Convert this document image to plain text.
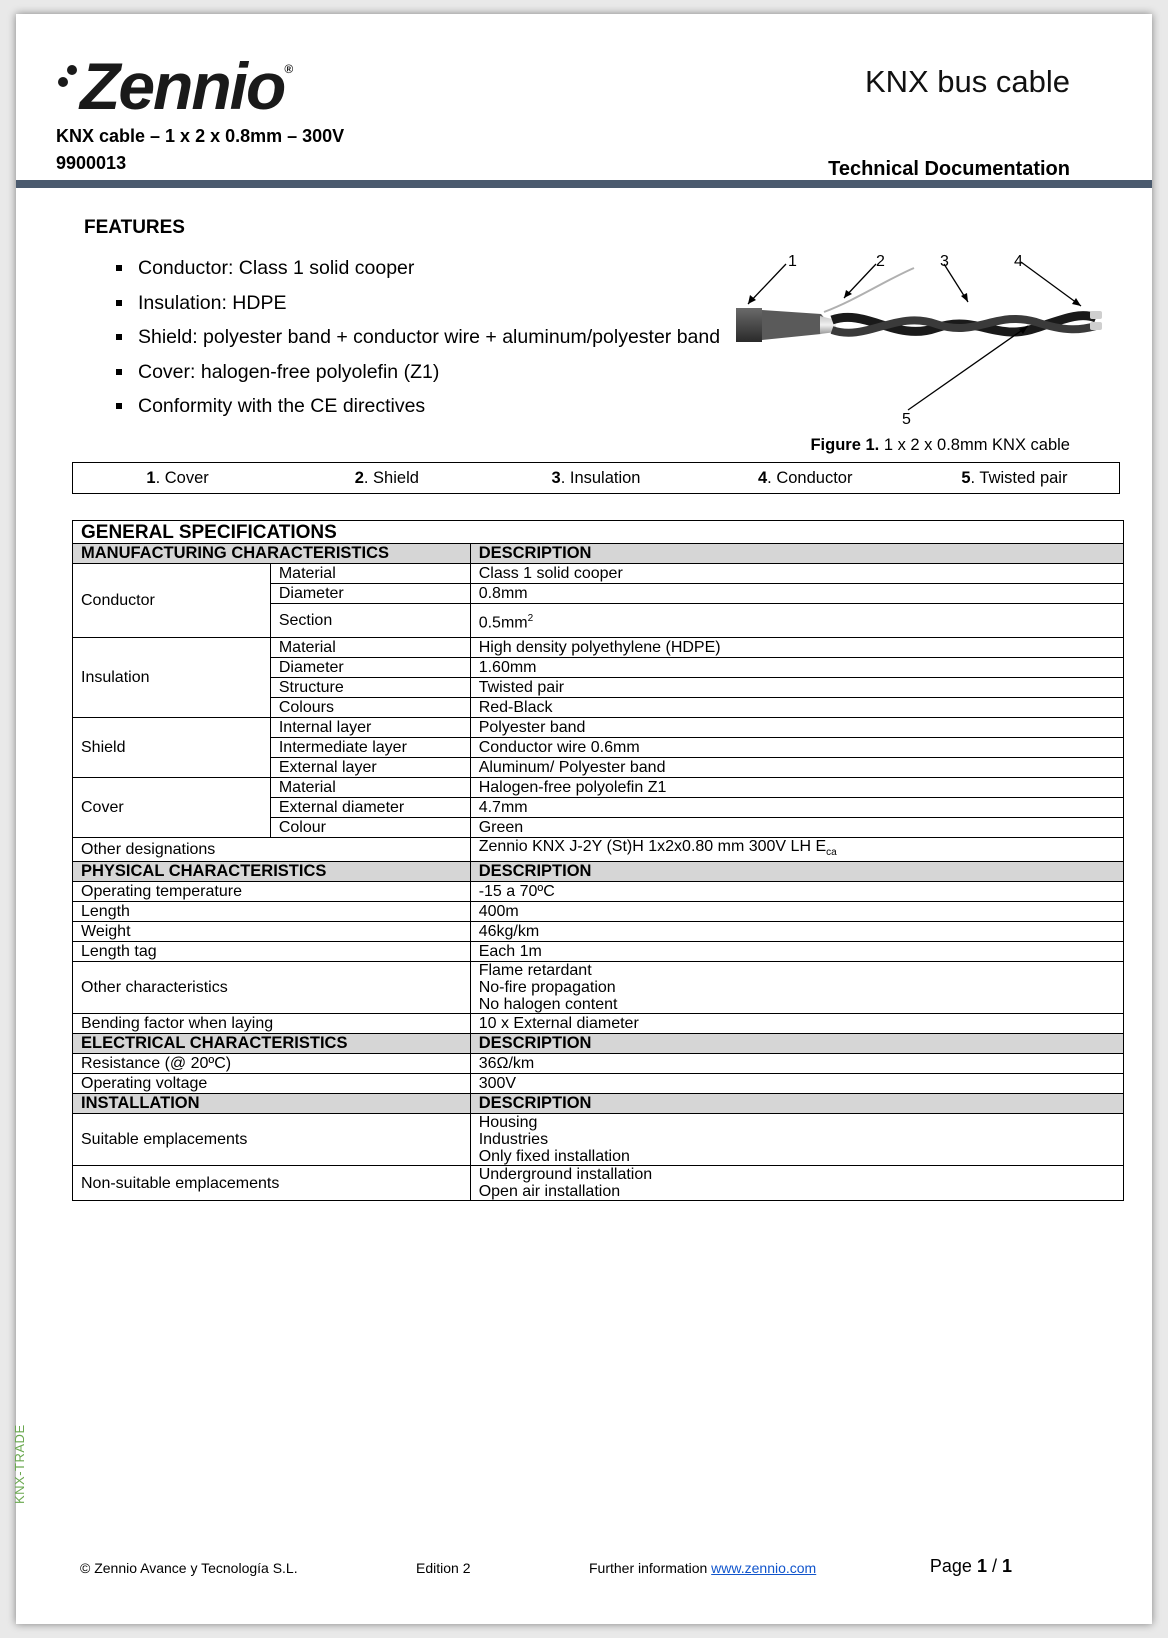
Zennio®	KNX bus cable
KNX cable – 1 x 2 x 0.8mm – 300V
9900013	Technical Documentation
FEATURES
Conductor: Class 1 solid cooper
Insulation: HDPE
Shield: polyester band + conductor wire + aluminum/polyester band
Cover: halogen-free polyolefin (Z1)
Conformity with the CE directives
1	2	3	4
5
Figure 1. 1 x 2 x 0.8mm KNX cable
1. Cover	2. Shield	3. Insulation	4. Conductor	5. Twisted pair
GENERAL SPECIFICATIONS		
MANUFACTURING CHARACTERISTICS		DESCRIPTION
Conductor	Material	Class 1 solid cooper
	Diameter	0.8mm
	Section	$0.5mm^2$
Insulation	Material	High density polyethylene (HDPE)
	Diameter	1.60mm
	Structure	Twisted pair
	Colours	Red-Black
Shield	Internal layer	Polyester band
	Intermediate layer	Conductor wire 0.6mm
	External layer	Aluminum/ Polyester band
Cover	Material	Halogen-free polyolefin Z1
	External diameter	4.7mm
	Colour	Green
Other designations		Zennio KNX J-2Y (St)H 1x2x0.80 mm 300V LH $E_{ca}$
PHYSICAL CHARACTERISTICS		DESCRIPTION
Operating temperature		-15 a 70ºC
Length		400m
Weight		46kg/km
Length tag		Each 1m
Other characteristics		Flame retardant
No-fire propagation
No halogen content

Bending factor when laying		10 x External diameter
ELECTRICAL CHARACTERISTICS		DESCRIPTION
Resistance (@ 20ºC)		36Ω/km
Operating voltage		300V
INSTALLATION		DESCRIPTION
Suitable emplacements		Housing
Industries
Only fixed installation

Non-suitable emplacements		Underground installation
Open air installation
KNX-TRADE
© Zennio Avance y Tecnología S.L.	Edition 2	Further information www.zennio.com	Page 1 / 1
